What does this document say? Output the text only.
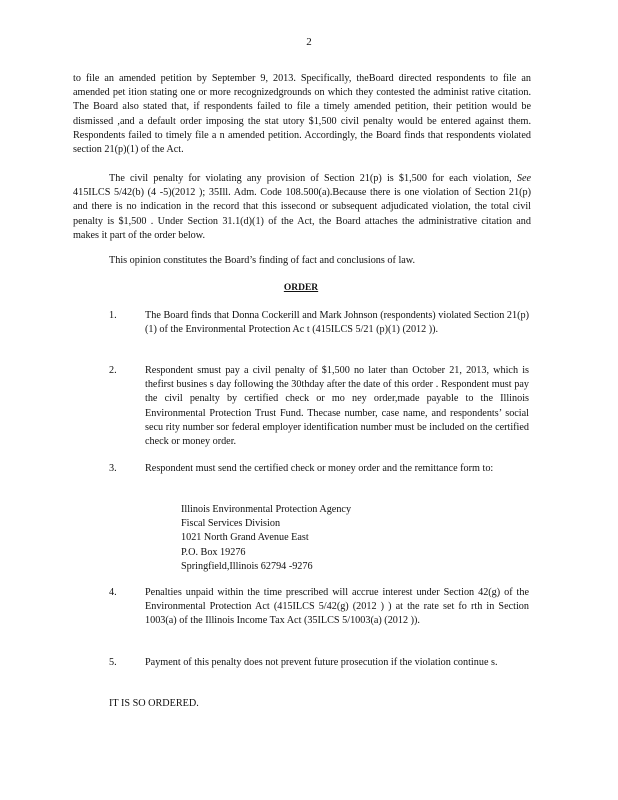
2

to file an amended petition by September 9, 2013. Specifically, theBoard directed respondents to file an amended pet ition stating one or more recognizedgrounds on which they contested the administ rative citation. The Board also stated that, if respondents failed to file a timely amended petition, their petition would be dismissed ,and a default order imposing the stat utory $1,500 civil penalty would be entered against them. Respondents failed to timely file a n amended petition. Accordingly, the Board finds that respondents violated section 21(p)(1) of the Act.

The civil penalty for violating any provision of Section 21(p) is $1,500 for each violation, See 415ILCS 5/42(b) (4 -5)(2012 ); 35Ill. Adm. Code 108.500(a).Because there is one violation of Section 21(p) and there is no indication in the record that this issecond or subsequent adjudicated violation, the total civil penalty is $1,500 . Under Section 31.1(d)(1) of the Act, the Board attaches the administrative citation and makes it part of the order below.

This opinion constitutes the Board’s finding of fact and conclusions of law.

ORDER
1.	The Board finds that Donna Cockerill and Mark Johnson (respondents) violated Section 21(p) (1) of the Environmental Protection Ac t (415ILCS 5/21 (p)(1) (2012 )).
2.	Respondent smust pay a civil penalty of $1,500 no later than October 21, 2013, which is thefirst busines s day following the 30thday after the date of this order . Respondent must pay the civil penalty by certified check or mo ney order,made payable to the Illinois Environmental Protection Trust Fund. Thecase number, case name, and respondents’ social secu rity number sor federal employer identification number must be included on the certified check or money order.
3.	Respondent must send the certified check or money order and the remittance form to:
Illinois Environmental Protection Agency
Fiscal Services Division
1021 North Grand Avenue East
P.O. Box 19276
Springfield,Illinois 62794 -9276
4.	Penalties unpaid within the time prescribed will accrue interest under Section 42(g) of the Environmental Protection Act (415ILCS 5/42(g) (2012 ) ) at the rate set fo rth in Section 1003(a) of the Illinois Income Tax Act (35ILCS 5/1003(a) (2012 )).
5.	Payment of this penalty does not prevent future prosecution if the violation continue s.
IT IS SO ORDERED.
